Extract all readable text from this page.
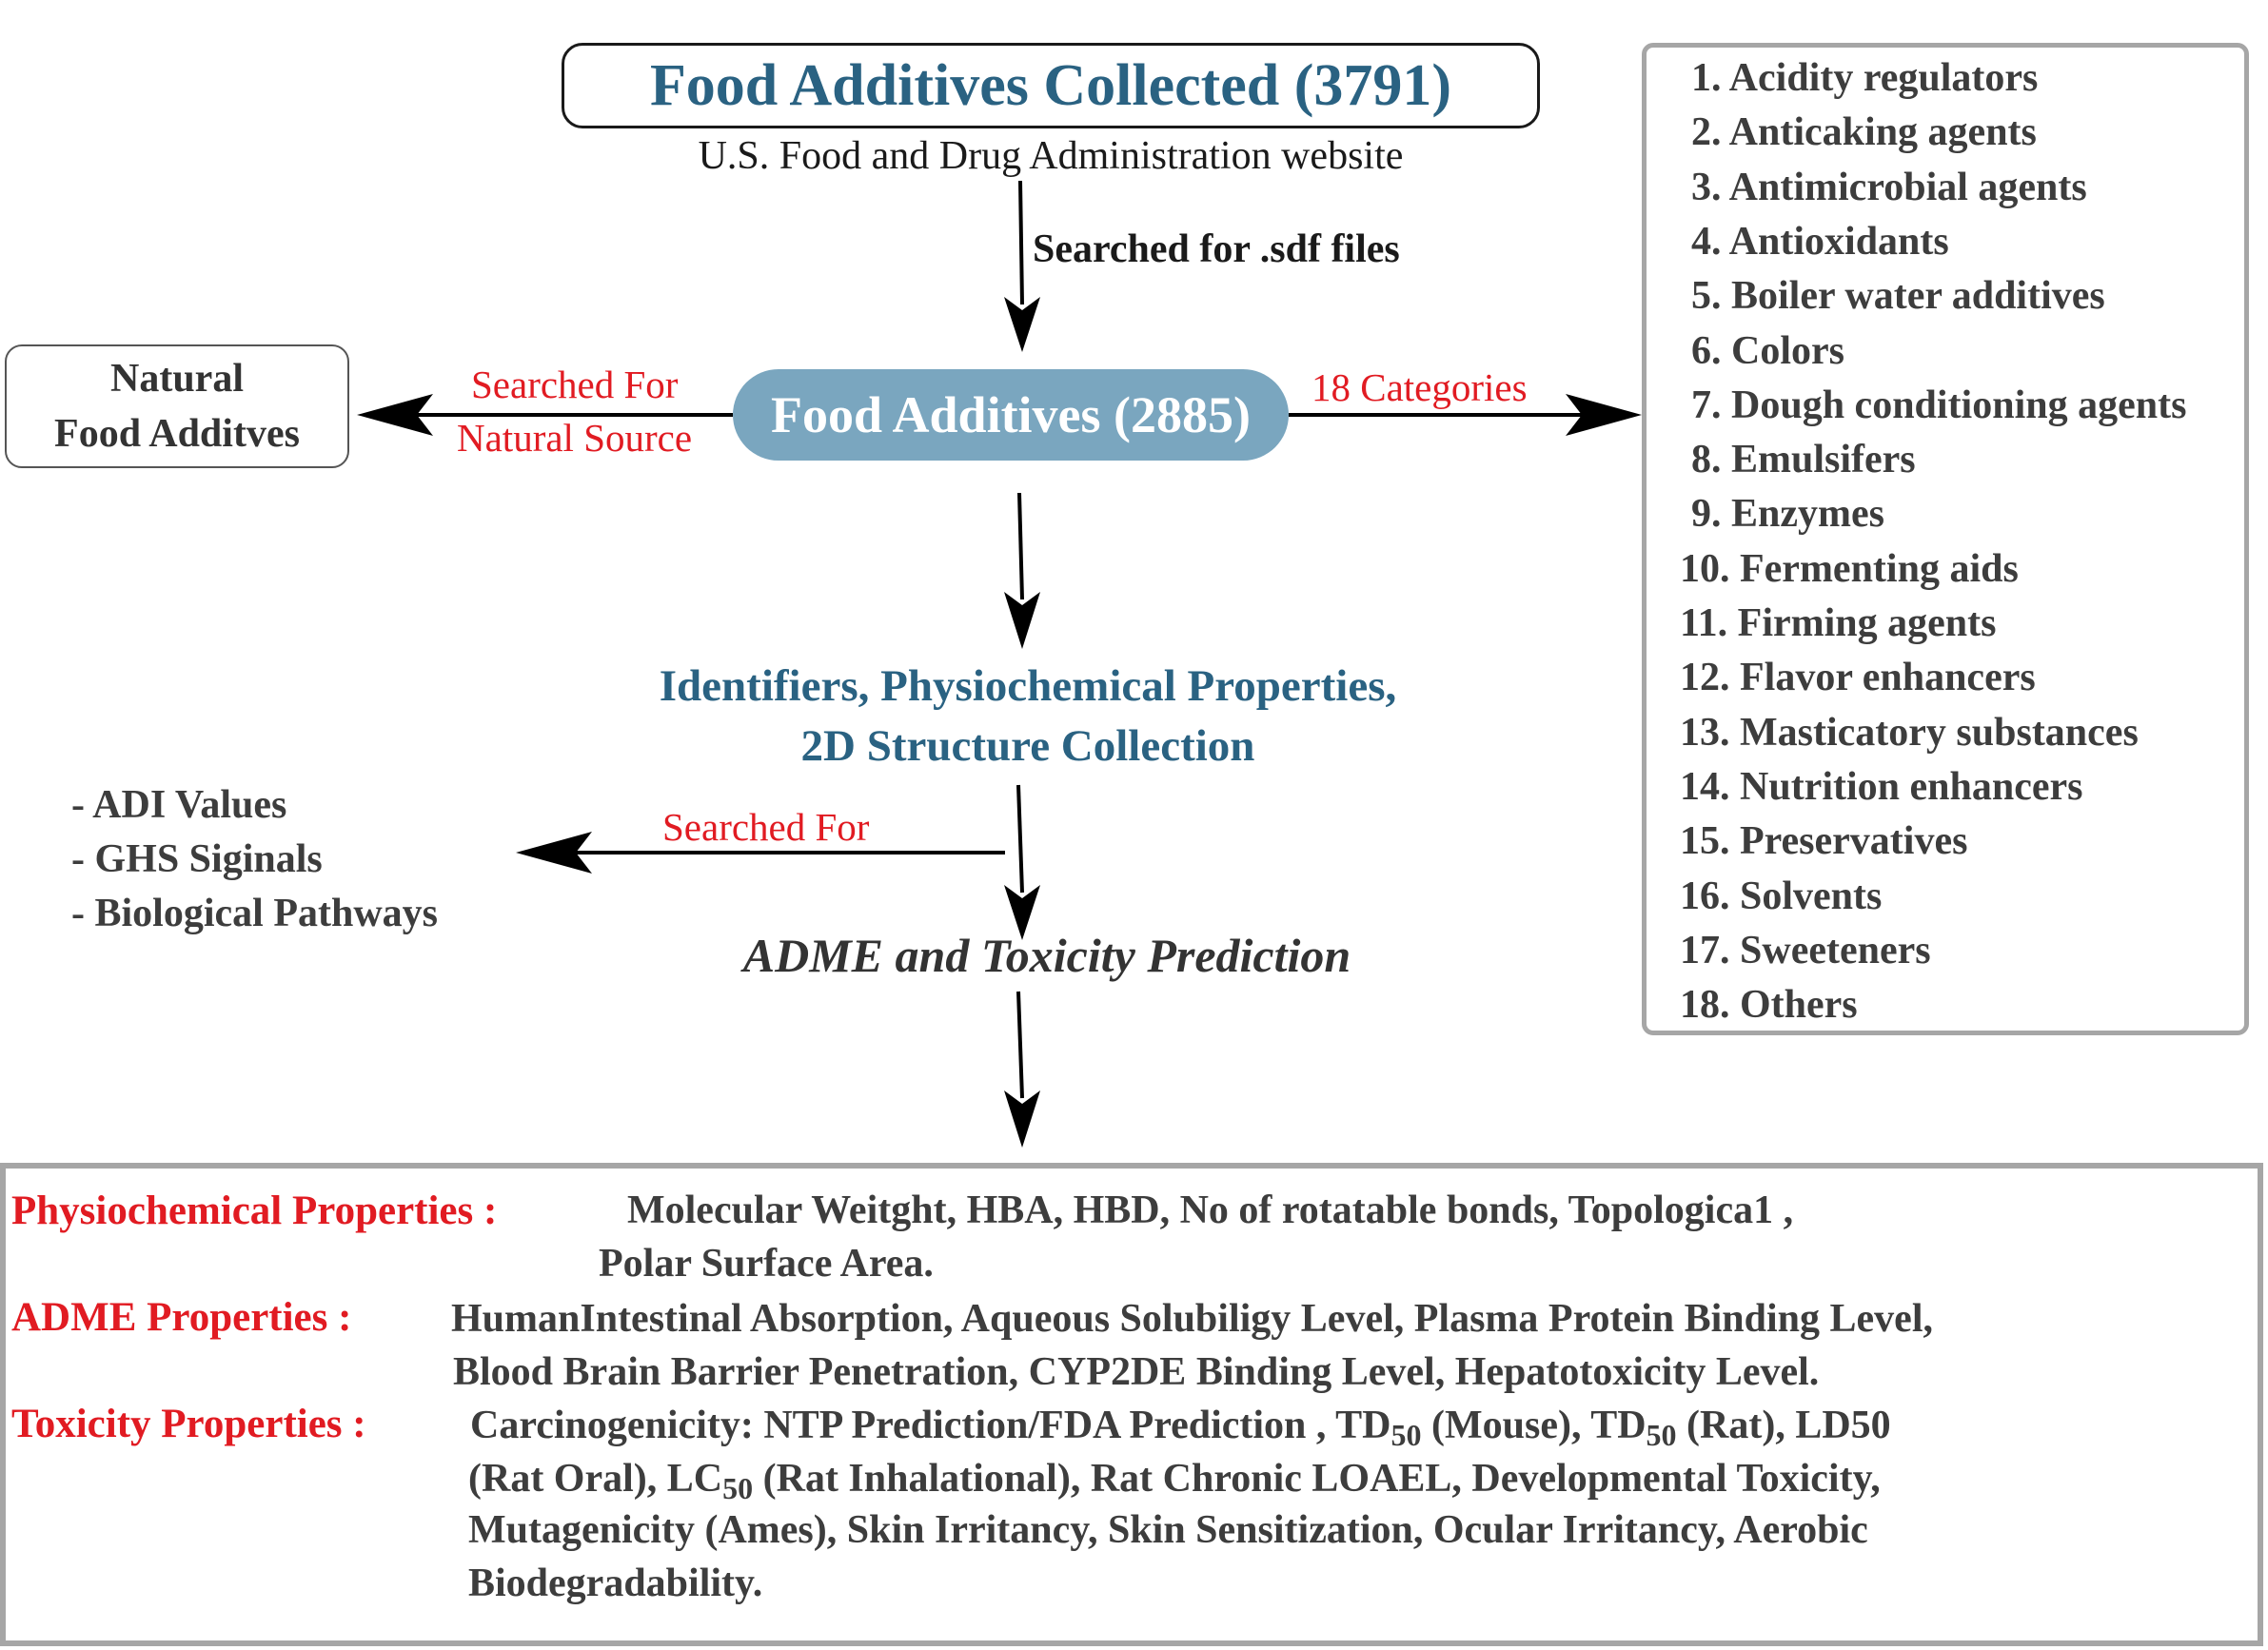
Food Additives Collected (3791)
U.S. Food and Drug Administration website
Searched for .sdf files
Natural
Food Additves
Searched For
Natural Source Food Additives (2885) 18 Categories
1. Acidity regulators
2. Anticaking agents
3. Antimicrobial agents
4. Antioxidants
5. Boiler water additives
6. Colors
7. Dough conditioning agents
8. Emulsifers
9. Enzymes
10. Fermenting aids
11. Firming agents
12. Flavor enhancers
13. Masticatory substances
14. Nutrition enhancers
15. Preservatives
16. Solvents
17. Sweeteners
18. Others
Identifiers, Physiochemical Properties,
2D Structure Collection
Searched For
- ADI Values
- GHS Siginals
- Biological Pathways
ADME and Toxicity Prediction
Physiochemical Properties :	Molecular Weitght, HBA, HBD, No of rotatable bonds, Topologica1 ,
Polar Surface Area.
ADME Properties : HumanIntestinal Absorption, Aqueous Solubiligy Level, Plasma Protein Binding Level,
Blood Brain Barrier Penetration, CYP2DE Binding Level, Hepatotoxicity Level.
Toxicity Properties :	Carcinogenicity: NTP Prediction/FDA Prediction , TD50 (Mouse), TD50 (Rat), LD50
(Rat Oral), LC50 (Rat Inhalational), Rat Chronic LOAEL, Developmental Toxicity,
Mutagenicity (Ames), Skin Irritancy, Skin Sensitization, Ocular Irritancy, Aerobic
Biodegradability.
